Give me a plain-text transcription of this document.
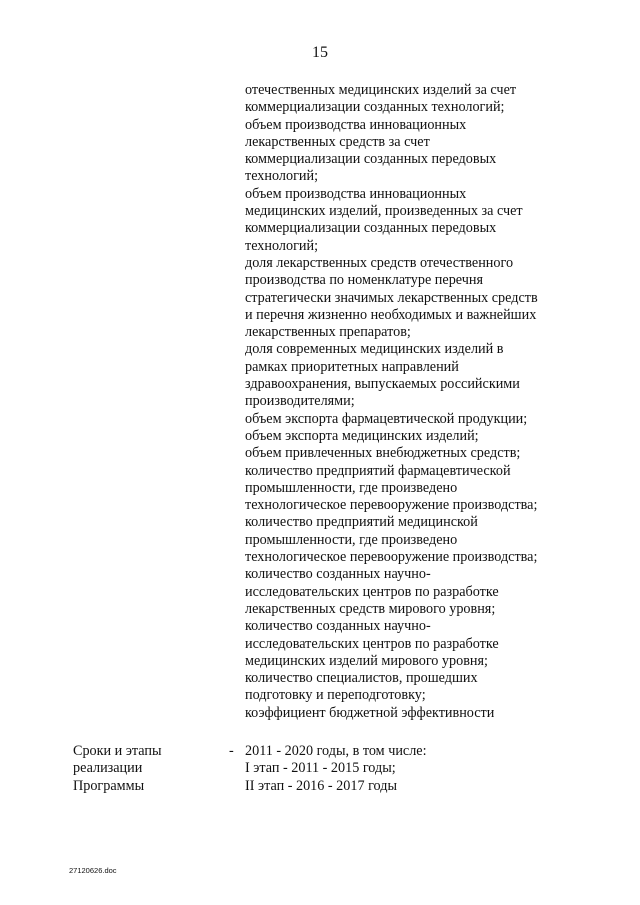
15
отечественных медицинских изделий за счет
коммерциализации созданных технологий;
объем производства инновационных
лекарственных средств за счет
коммерциализации созданных передовых
технологий;
объем производства инновационных
медицинских изделий, произведенных за счет
коммерциализации созданных передовых
технологий;
доля лекарственных средств отечественного
производства по номенклатуре перечня
стратегически значимых лекарственных средств
и перечня жизненно необходимых и важнейших
лекарственных препаратов;
доля современных медицинских изделий в
рамках приоритетных направлений
здравоохранения, выпускаемых российскими
производителями;
объем экспорта фармацевтической продукции;
объем экспорта медицинских изделий;
объем привлеченных внебюджетных средств;
количество предприятий фармацевтической
промышленности, где произведено
технологическое перевооружение производства;
количество предприятий медицинской
промышленности, где произведено
технологическое перевооружение производства;
количество созданных научно-
исследовательских центров по разработке
лекарственных средств мирового уровня;
количество созданных научно-
исследовательских центров по разработке
медицинских изделий мирового уровня;
количество специалистов, прошедших
подготовку и переподготовку;
коэффициент бюджетной эффективности
Сроки и этапы
реализации
Программы
- 2011 - 2020 годы, в том числе:
I этап - 2011 - 2015 годы;
II этап - 2016 - 2017 годы
27120626.doc
